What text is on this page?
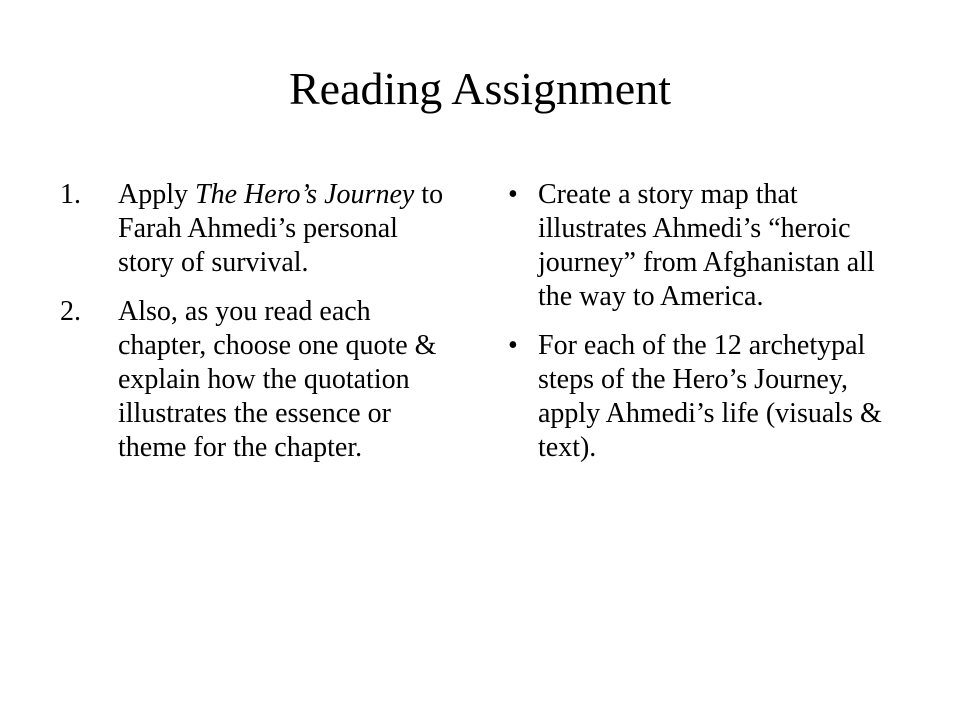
Reading Assignment
1.	Apply The Hero’s Journey to Farah Ahmedi’s personal story of survival.
2.	Also, as you read each chapter, choose one quote & explain how the quotation illustrates the essence or theme for the chapter.
• Create a story map that illustrates Ahmedi’s “heroic journey” from Afghanistan all the way to America.
• For each of the 12 archetypal steps of the Hero’s Journey, apply Ahmedi’s life (visuals & text).
